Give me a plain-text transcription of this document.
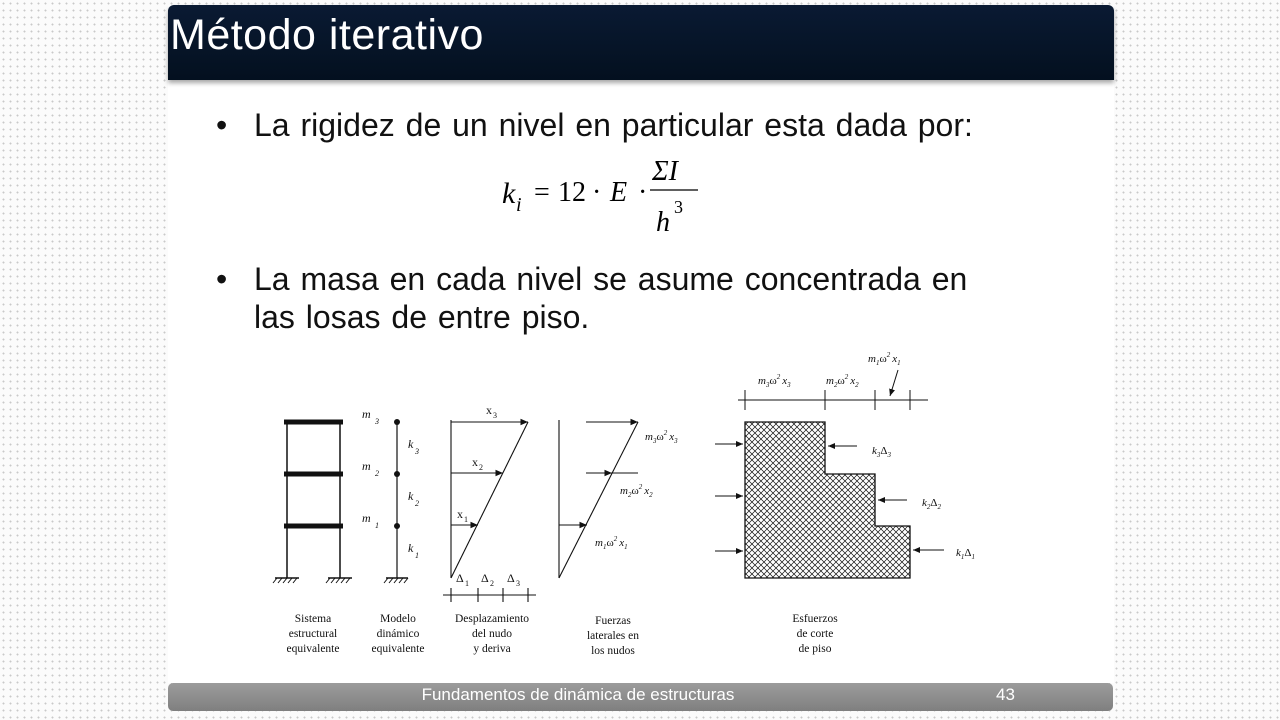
Método iterativo
• La rigidez de un nivel en particular esta dada por:
k i = 12 · E ·
ΣI
h 3
• La masa en cada nivel se asume concentrada en las losas de entre piso.
m
3
m
2
m
1
k
3
k
2
k
1
x 3
x 2
x 1
Δ 1 Δ 2 Δ 3
$m_3\omega^2$ $x_3$
$m_2\omega^2$ $x_2$
$m_1\omega^2$ $x_1$
$m_3\omega^2$ $x_3$	$m_2\omega^2$ $x_2$
$m_1\omega^2$ $x_1$
$k_3\Delta_3$
$k_2\Delta_2$
$k_1\Delta_1$
Sistema
estructural
equivalente
Modelo
dinámico
equivalente
Desplazamiento
del nudo
y deriva
Fuerzas
laterales en
los nudos
Esfuerzos
de corte
de piso
Fundamentos de dinámica de estructuras	43
